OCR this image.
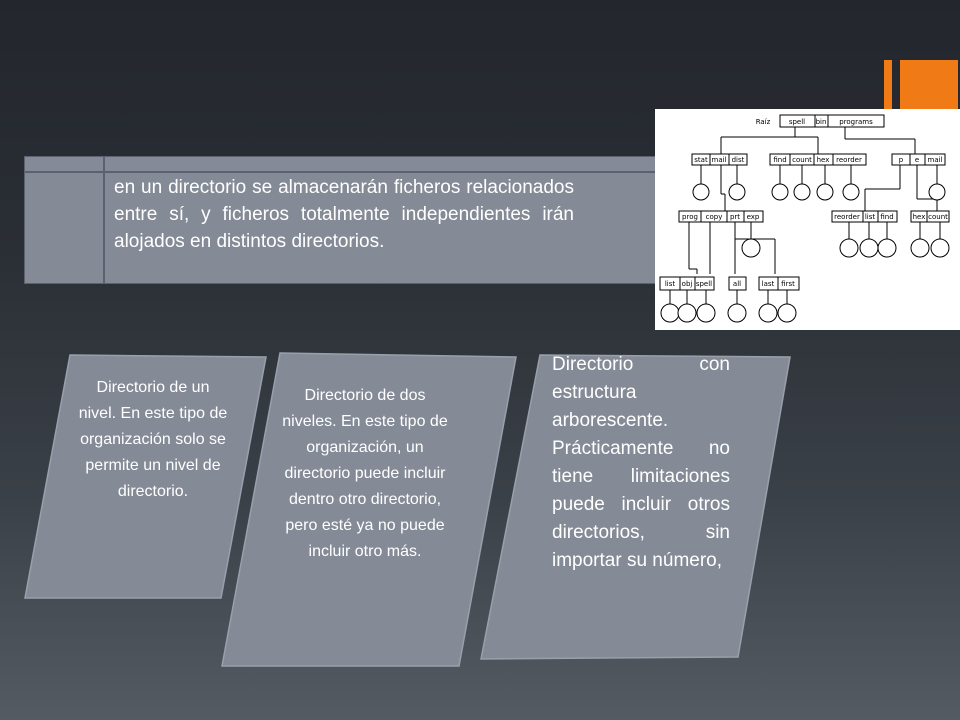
en un directorio se almacenarán ficheros relacionados entre sí, y ficheros totalmente independientes irán alojados en distintos directorios.
Raíz	spell bin programs
stat mail dist	find count hex reorder	p e mail
prog copy prt exp	reorder list find	hex count
list obj spell	all	last first
Directorio de un nivel. En este tipo de organización solo se permite un nivel de directorio.
Directorio de dos niveles. En este tipo de organización, un directorio puede incluir dentro otro directorio, pero esté ya no puede incluir otro más.
Directorio con estructura arborescente. Prácticamente no tiene limitaciones puede incluir otros directorios, sin importar su número,
